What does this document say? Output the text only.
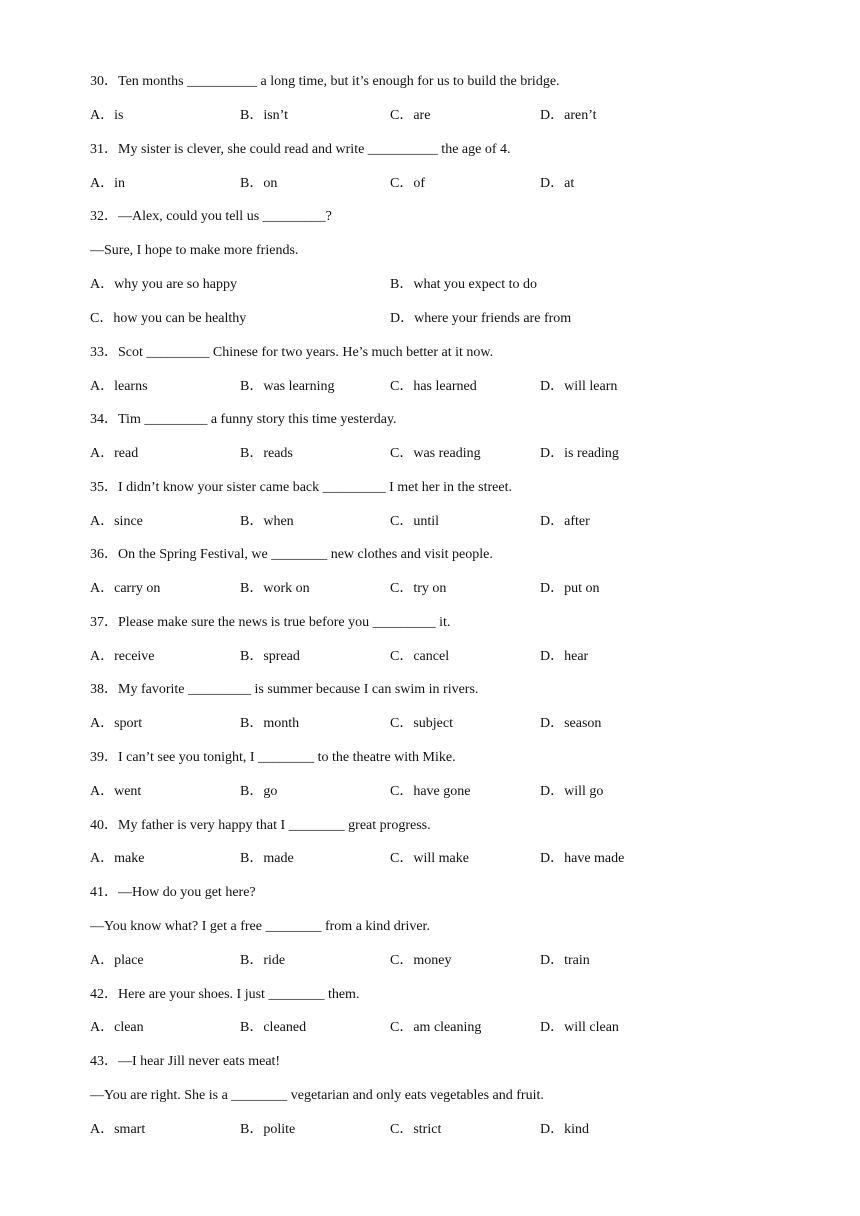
30．Ten months __________ a long time, but it’s enough for us to build the bridge.
A．is	B．isn’t	C．are	D．aren’t
31．My sister is clever, she could read and write __________ the age of 4.
A．in	B．on	C．of	D．at
32．—Alex, could you tell us _________?
—Sure, I hope to make more friends.
A．why you are so happy	B．what you expect to do
C．how you can be healthy	D．where your friends are from
33．Scot _________ Chinese for two years. He’s much better at it now.
A．learns	B．was learning	C．has learned	D．will learn
34．Tim _________ a funny story this time yesterday.
A．read	B．reads	C．was reading	D．is reading
35．I didn’t know your sister came back _________ I met her in the street.
A．since	B．when	C．until	D．after
36．On the Spring Festival, we ________ new clothes and visit people.
A．carry on	B．work on	C．try on	D．put on
37．Please make sure the news is true before you _________ it.
A．receive	B．spread	C．cancel	D．hear
38．My favorite _________ is summer because I can swim in rivers.
A．sport	B．month	C．subject	D．season
39．I can’t see you tonight, I ________ to the theatre with Mike.
A．went	B．go	C．have gone	D．will go
40．My father is very happy that I ________ great progress.
A．make	B．made	C．will make	D．have made
41．—How do you get here?
—You know what? I get a free ________ from a kind driver.
A．place	B．ride	C．money	D．train
42．Here are your shoes. I just ________ them.
A．clean	B．cleaned	C．am cleaning	D．will clean
43．—I hear Jill never eats meat!
—You are right. She is a ________ vegetarian and only eats vegetables and fruit.
A．smart	B．polite	C．strict	D．kind
